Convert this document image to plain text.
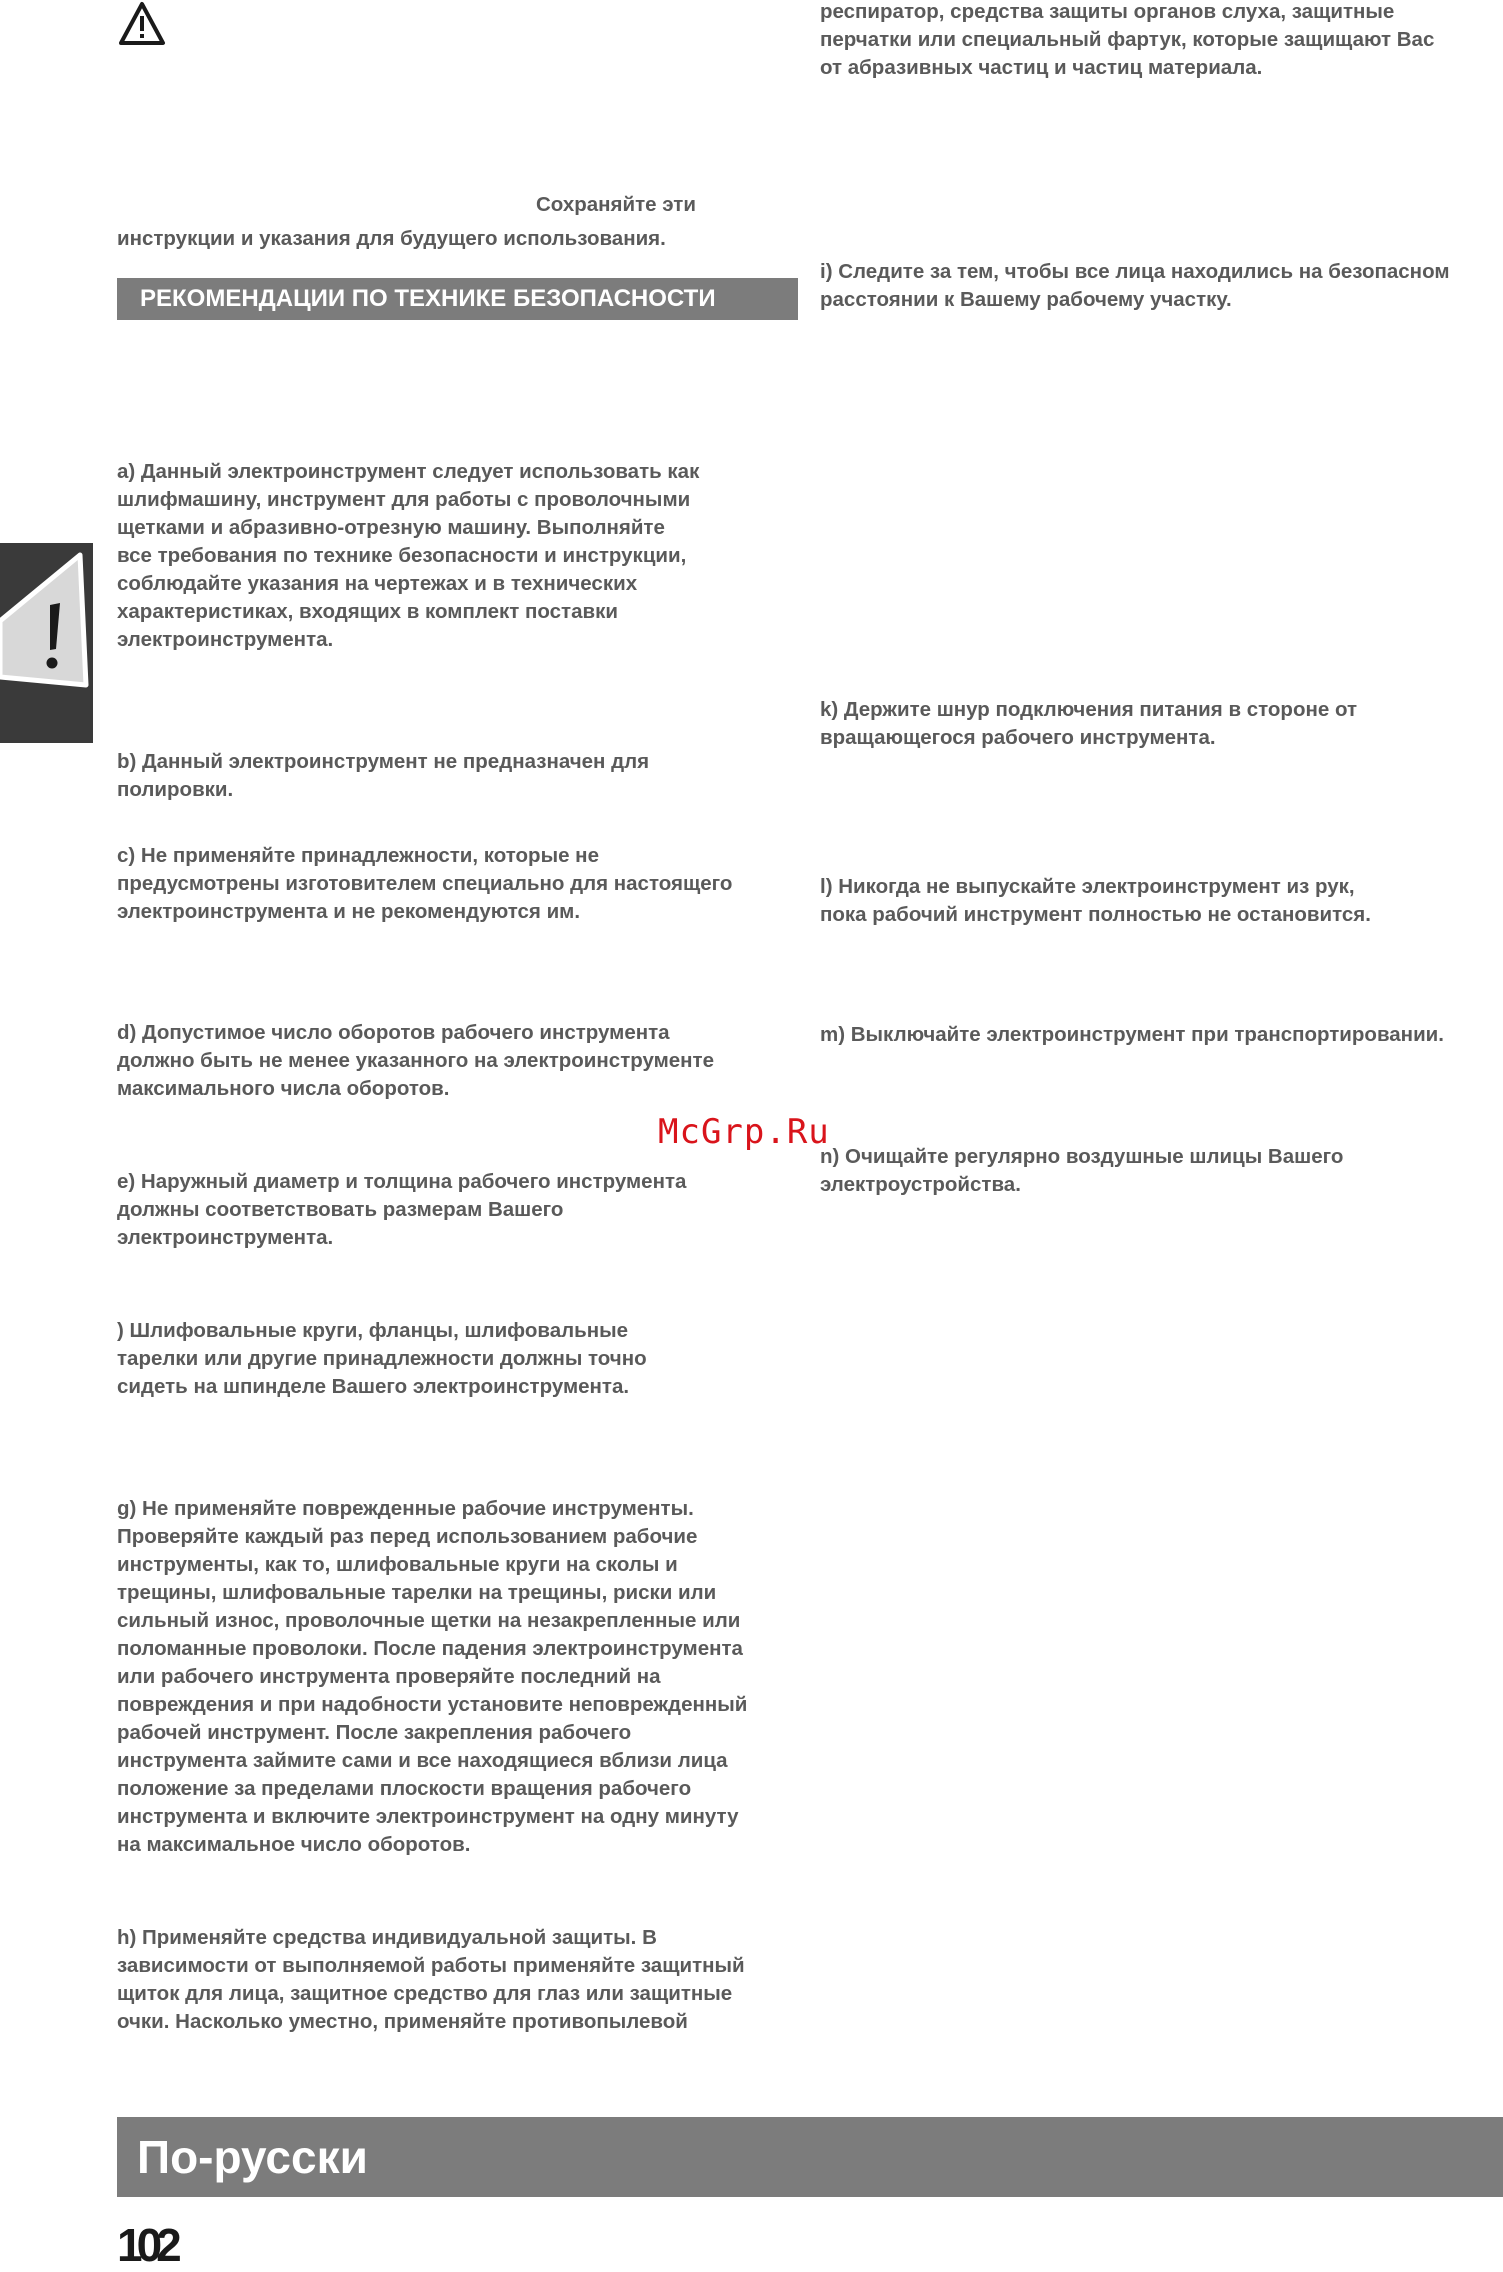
Сохраняйте эти
инструкции и указания для будущего использования.
РЕКОМЕНДАЦИИ ПО ТЕХНИКЕ БЕЗОПАСНОСТИ
a) Данный электроинструмент следует использовать как
шлифмашину, инструмент для работы с проволочными
щетками и абразивно-отрезную машину. Выполняйте
все требования по технике безопасности и инструкции,
соблюдайте указания на чертежах и в технических
характеристиках, входящих в комплект поставки
электроинструмента.
b) Данный электроинструмент не предназначен для
полировки.
c) Не применяйте принадлежности, которые не
предусмотрены изготовителем специально для настоящего
электроинструмента и не рекомендуются им.
d) Допустимое число оборотов рабочего инструмента
должно быть не менее указанного на электроинструменте
максимального числа оборотов.
e) Наружный диаметр и толщина рабочего инструмента
должны соответствовать размерам Вашего
электроинструмента.
) Шлифовальные круги, фланцы, шлифовальные
тарелки или другие принадлежности должны точно
сидеть на шпинделе Вашего электроинструмента.
g) Не применяйте поврежденные рабочие инструменты.
Проверяйте каждый раз перед использованием рабочие
инструменты, как то, шлифовальные круги на сколы и
трещины, шлифовальные тарелки на трещины, риски или
сильный износ, проволочные щетки на незакрепленные или
поломанные проволоки. После падения электроинструмента
или рабочего инструмента проверяйте последний на
повреждения и при надобности установите неповрежденный
рабочей инструмент. После закрепления рабочего
инструмента займите сами и все находящиеся вблизи лица
положение за пределами плоскости вращения рабочего
инструмента и включите электроинструмент на одну минуту
на максимальное число оборотов.
h) Применяйте средства индивидуальной защиты. В
зависимости от выполняемой работы применяйте защитный
щиток для лица, защитное средство для глаз или защитные
очки. Насколько уместно, применяйте противопылевой
респиратор, средства защиты органов слуха, защитные
перчатки или специальный фартук, которые защищают Вас
от абразивных частиц и частиц материала.
i) Следите за тем, чтобы все лица находились на безопасном
расстоянии к Вашему рабочему участку.
k) Держите шнур подключения питания в стороне от
вращающегося рабочего инструмента.
l) Никогда не выпускайте электроинструмент из рук,
пока рабочий инструмент полностью не остановится.
m) Выключайте электроинструмент при транспортировании.
n) Очищайте регулярно воздушные шлицы Вашего
электроустройства.
McGrp.Ru
По-русски
102
